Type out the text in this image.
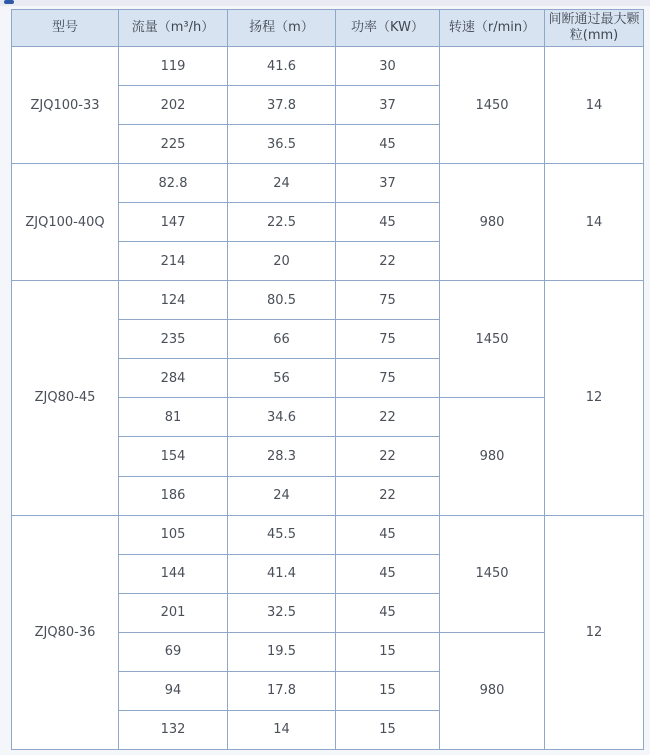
型号	流量（m³/h）	扬程（m）	功率（KW）	转速（r/min）	间断通过最大颗
粒(mm)
ZJQ100-33	119	41.6	30	1450	14
	202	37.8	37		
	225	36.5	45		
ZJQ100-40Q	82.8	24	37	980	14
	147	22.5	45		
	214	20	22		
ZJQ80-45	124	80.5	75	1450	12
	235	66	75		
	284	56	75		
	81	34.6	22	980	
	154	28.3	22		
	186	24	22		
ZJQ80-36	105	45.5	45	1450	12
	144	41.4	45		
	201	32.5	45		
	69	19.5	15	980	
	94	17.8	15		
	132	14	15		
